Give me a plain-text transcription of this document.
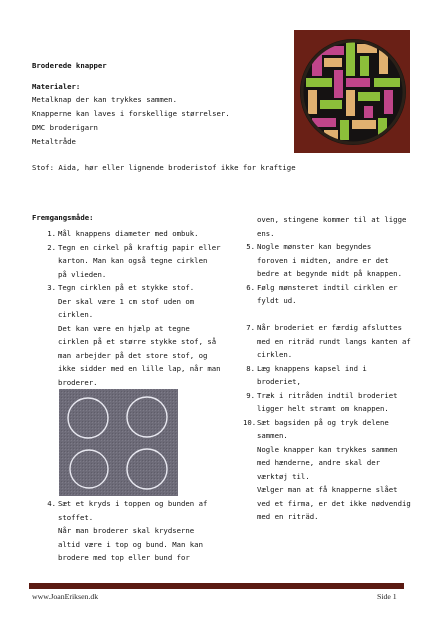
Broderede knapper
Materialer:
Metalknap der kan trykkes sammen.
Knapperne kan laves i forskellige størrelser.
DMC broderigarn
Metaltråde
Stof: Aida, hør eller lignende broderistof ikke for kraftige
Fremgangsmåde:
1. Mål knappens diameter med ombuk.
2. Tegn en cirkel på kraftig papir eller
karton. Man kan også tegne cirklen
på vlieden.
3. Tegn cirklen på et stykke stof.
Der skal være 1 cm stof uden om
cirklen.
Det kan være en hjælp at tegne
cirklen på et større stykke stof, så
man arbejder på det store stof, og
ikke sidder med en lille lap, når man
broderer.
4. Sæt et kryds i toppen og bunden af
stoffet.
Når man broderer skal krydserne
altid være i top og bund. Man kan
brodere med top eller bund for
oven, stingene kommer til at ligge
ens.
5. Nogle mønster kan begyndes
foroven i midten, andre er det
bedre at begynde midt på knappen.
6. Følg mønsteret indtil cirklen er
fyldt ud.
7. Når broderiet er færdig afsluttes
med en riträd rundt langs kanten af
cirklen.
8. Læg knappens kapsel ind i
broderiet,
9. Træk i ritråden indtil broderiet
ligger helt stramt om knappen.
10.Sæt bagsiden på og tryk delene
sammen.
Nogle knapper kan trykkes sammen
med hænderne, andre skal der
værktøj til.
Vælger man at få knapperne slået
ved et firma, er det ikke nødvendig
med en riträd.
www.JoanEriksen.dk	Side 1
